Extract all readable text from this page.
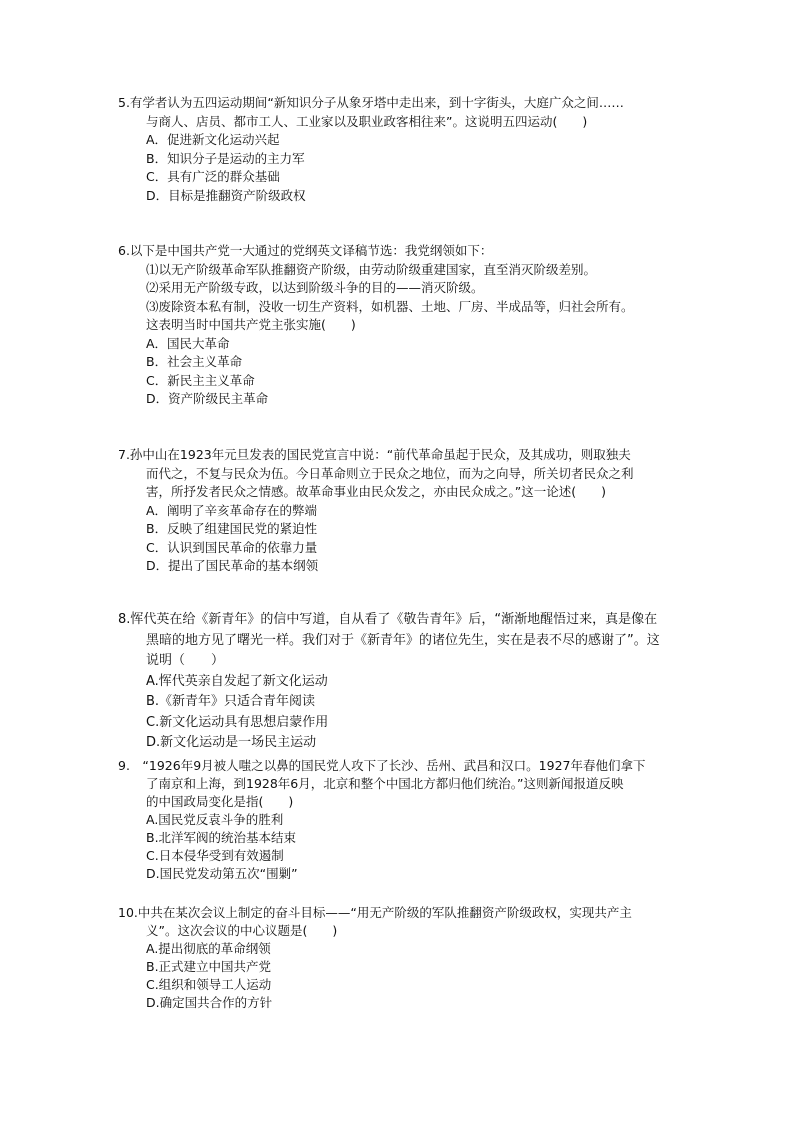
5.有学者认为五四运动期间“新知识分子从象牙塔中走出来，到十字街头，大庭广众之间……

与商人、店员、都市工人、工业家以及职业政客相往来”。这说明五四运动(　　)

A．促进新文化运动兴起

B．知识分子是运动的主力军

C．具有广泛的群众基础

D．目标是推翻资产阶级政权

6.以下是中国共产党一大通过的党纲英文译稿节选：我党纲领如下：

⑴以无产阶级革命军队推翻资产阶级，由劳动阶级重建国家，直至消灭阶级差别。

⑵采用无产阶级专政，以达到阶级斗争的目的——消灭阶级。

⑶废除资本私有制，没收一切生产资料，如机器、土地、厂房、半成品等，归社会所有。

这表明当时中国共产党主张实施(　　)

A．国民大革命

B．社会主义革命

C．新民主主义革命

D．资产阶级民主革命

7.孙中山在1923年元旦发表的国民党宣言中说：“前代革命虽起于民众，及其成功，则取独夫

而代之，不复与民众为伍。今日革命则立于民众之地位，而为之向导，所关切者民众之利

害，所抒发者民众之情感。故革命事业由民众发之，亦由民众成之。”这一论述(　　)

A．阐明了辛亥革命存在的弊端

B．反映了组建国民党的紧迫性

C．认识到国民革命的依靠力量

D．提出了国民革命的基本纲领

8.恽代英在给《新青年》的信中写道，自从看了《敬告青年》后，“渐渐地醒悟过来，真是像在

黑暗的地方见了曙光一样。我们对于《新青年》的诸位先生，实在是表不尽的感谢了”。这

说明（　　）

A.恽代英亲自发起了新文化运动

B.《新青年》只适合青年阅读

C.新文化运动具有思想启蒙作用

D.新文化运动是一场民主运动

9.　“1926年9月被人嗤之以鼻的国民党人攻下了长沙、岳州、武昌和汉口。1927年春他们拿下

了南京和上海，到1928年6月，北京和整个中国北方都归他们统治。”这则新闻报道反映

的中国政局变化是指(　　)

A.国民党反袁斗争的胜利

B.北洋军阀的统治基本结束

C.日本侵华受到有效遏制

D.国民党发动第五次“围剿”

10.中共在某次会议上制定的奋斗目标——“用无产阶级的军队推翻资产阶级政权，实现共产主

义”。这次会议的中心议题是(　　)

A.提出彻底的革命纲领

B.正式建立中国共产党

C.组织和领导工人运动

D.确定国共合作的方针
